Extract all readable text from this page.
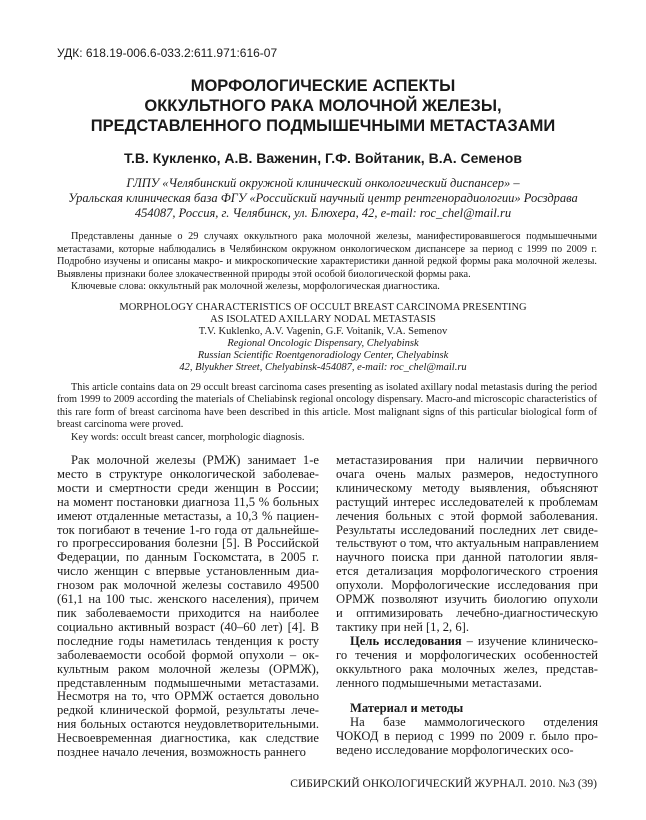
УДК: 618.19-006.6-033.2:611.971:616-07
МОРФОЛОГИЧЕСКИЕ АСПЕКТЫ
ОККУЛЬТНОГО РАКА МОЛОЧНОЙ ЖЕЛЕЗЫ,
ПРЕДСТАВЛЕННОГО ПОДМЫШЕЧНЫМИ МЕТАСТАЗАМИ
Т.В. Кукленко, А.В. Важенин, Г.Ф. Войтаник, В.А. Семенов
ГЛПУ «Челябинский окружной клинический онкологический диспансер» –
Уральская клиническая база ФГУ «Российский научный центр рентгенорадиологии» Росздрава
454087, Россия, г. Челябинск, ул. Блюхера, 42, e-mail: roc_chel@mail.ru
Представлены данные о 29 случаях оккультного рака молочной железы, манифестировавшегося подмышечными метастазами, которые наблюдались в Челябинском окружном онкологическом диспансере за период с 1999 по 2009 г. Подробно изучены и описаны макро- и микроскопические характеристики данной редкой формы рака молочной железы. Выявлены признаки более злокачественной природы этой особой биологической формы рака.
Ключевые слова: оккультный рак молочной железы, морфологическая диагностика.
MORPHOLOGY CHARACTERISTICS OF OCCULT BREAST CARCINOMA PRESENTING
AS ISOLATED AXILLARY NODAL METASTASIS
T.V. Kuklenko, A.V. Vagenin, G.F. Voitanik, V.A. Semenov
Regional Oncologic Dispensary, Chelyabinsk
Russian Scientific Roentgenoradiology Center, Chelyabinsk
42, Blyukher Street, Chelyabinsk-454087, e-mail: roc_chel@mail.ru
This article contains data on 29 occult breast carcinoma cases presenting as isolated axillary nodal metastasis during the period from 1999 to 2009 according the materials of Cheliabinsk regional oncology dispensary. Macro-and microscopic characteristics of this rare form of breast carcinoma have been described in this article. Most malignant signs of this particular biological form of breast carcinoma were proved.
Key words: occult breast cancer, morphologic diagnosis.
Рак молочной железы (РМЖ) занимает 1-е
место в структуре онкологической заболевае-
мости и смертности среди женщин в России;
на момент постановки диагноза 11,5 % больных
имеют отдаленные метастазы, а 10,3 % пациен-
ток погибают в течение 1-го года от дальнейше-
го прогрессирования болезни [5]. В Российской
Федерации, по данным Госкомстата, в 2005 г.
число женщин с впервые установленным диа-
гнозом рак молочной железы составило 49500
(61,1 на 100 тыс. женского населения), причем
пик заболеваемости приходится на наиболее
социально активный возраст (40–60 лет) [4]. В
последние годы наметилась тенденция к росту
заболеваемости особой формой опухоли – ок-
культным раком молочной железы (ОРМЖ),
представленным подмышечными метастазами.
Несмотря на то, что ОРМЖ остается довольно
редкой клинической формой, результаты лече-
ния больных остаются неудовлетворительными.
Несвоевременная диагностика, как следствие
позднее начало лечения, возможность раннего
метастазирования при наличии первичного
очага очень малых размеров, недоступного
клиническому методу выявления, объясняют
растущий интерес исследователей к проблемам
лечения больных с этой формой заболевания.
Результаты исследований последних лет свиде-
тельствуют о том, что актуальным направлением
научного поиска при данной патологии явля-
ется детализация морфологического строения
опухоли. Морфологические исследования при
ОРМЖ позволяют изучить биологию опухоли
и оптимизировать лечебно-диагностическую
тактику при ней [1, 2, 6].
Цель исследования – изучение клиническо-
го течения и морфологических особенностей
оккультного рака молочных желез, представ-
ленного подмышечными метастазами.
Материал и методы
На базе маммологического отделения
ЧОКОД в период с 1999 по 2009 г. было про-
ведено исследование морфологических осо-
СИБИРСКИЙ ОНКОЛОГИЧЕСКИЙ ЖУРНАЛ. 2010. №3 (39)
